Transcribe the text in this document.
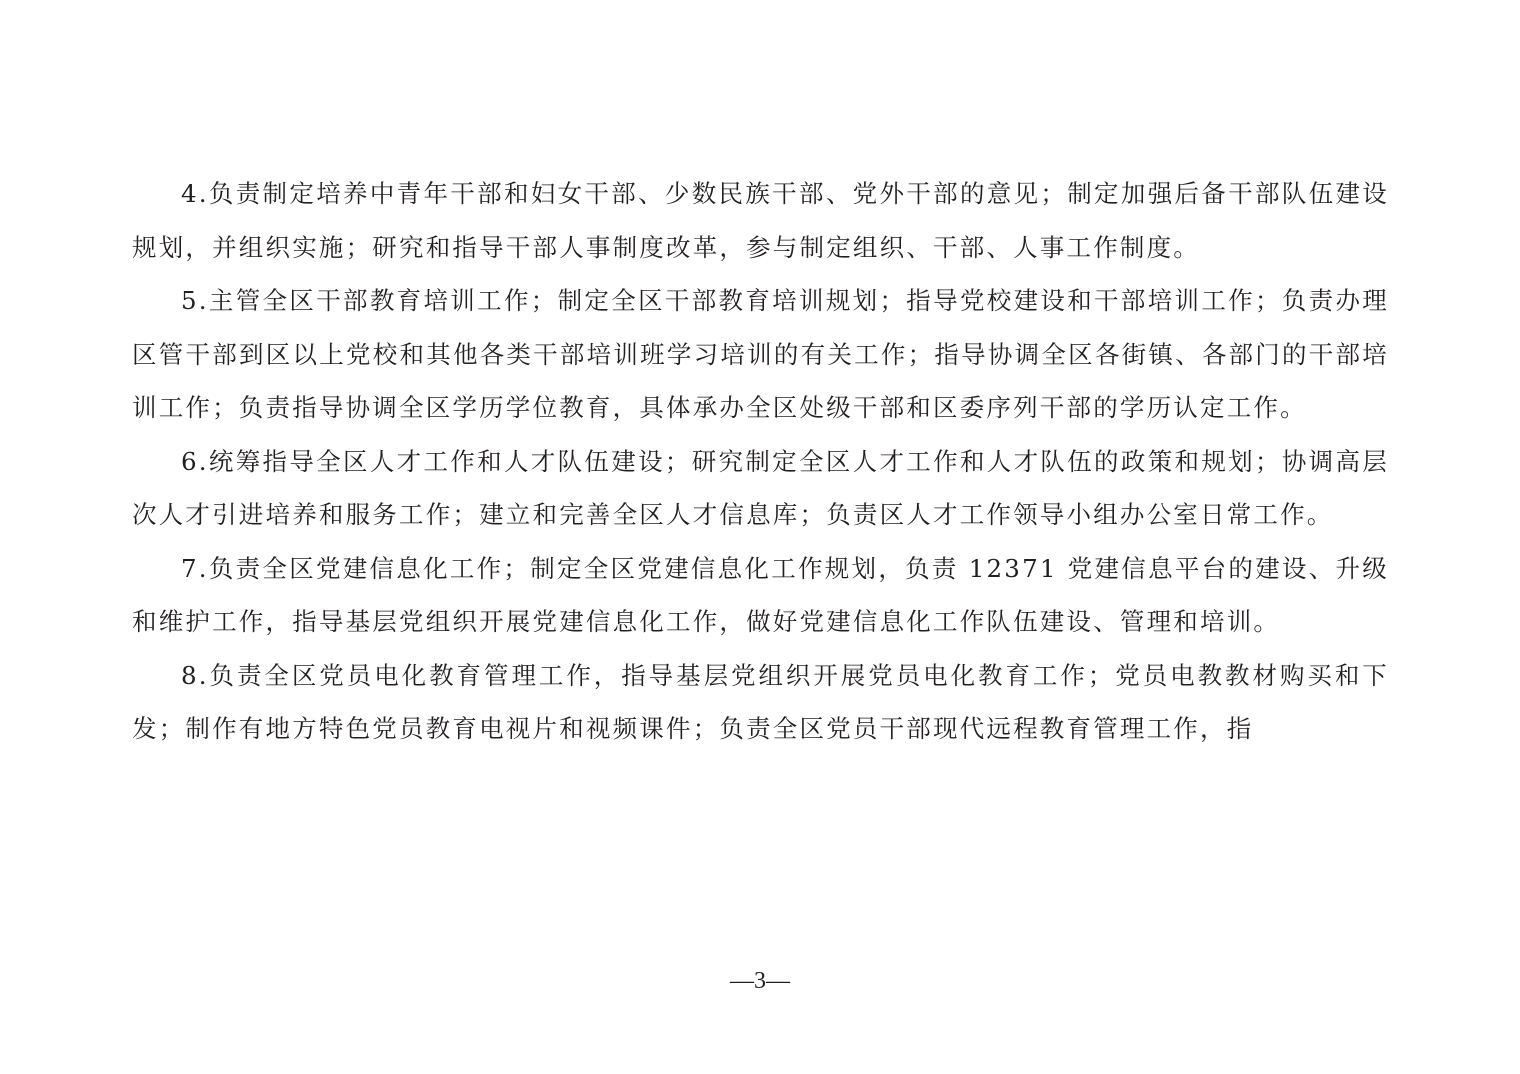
4.负责制定培养中青年干部和妇女干部、少数民族干部、党外干部的意见；制定加强后备干部队伍建设规划，并组织实施；研究和指导干部人事制度改革，参与制定组织、干部、人事工作制度。

5.主管全区干部教育培训工作；制定全区干部教育培训规划；指导党校建设和干部培训工作；负责办理区管干部到区以上党校和其他各类干部培训班学习培训的有关工作；指导协调全区各街镇、各部门的干部培训工作；负责指导协调全区学历学位教育，具体承办全区处级干部和区委序列干部的学历认定工作。

6.统筹指导全区人才工作和人才队伍建设；研究制定全区人才工作和人才队伍的政策和规划；协调高层次人才引进培养和服务工作；建立和完善全区人才信息库；负责区人才工作领导小组办公室日常工作。

7.负责全区党建信息化工作；制定全区党建信息化工作规划，负责 12371 党建信息平台的建设、升级和维护工作，指导基层党组织开展党建信息化工作，做好党建信息化工作队伍建设、管理和培训。

8.负责全区党员电化教育管理工作，指导基层党组织开展党员电化教育工作；党员电教教材购买和下发；制作有地方特色党员教育电视片和视频课件；负责全区党员干部现代远程教育管理工作，指

—3—
